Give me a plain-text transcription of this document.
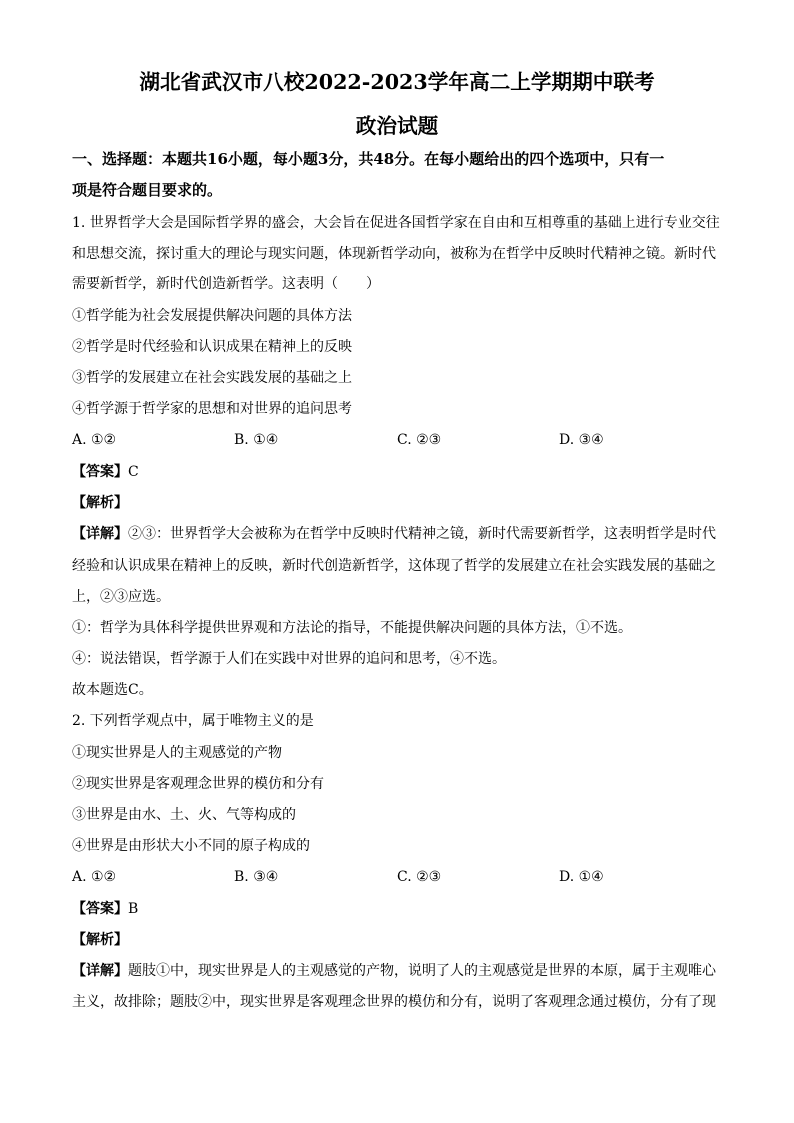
湖北省武汉市八校2022-2023学年高二上学期期中联考
政治试题
一、选择题：本题共16小题，每小题3分，共48分。在每小题给出的四个选项中，只有一
项是符合题目要求的。
1. 世界哲学大会是国际哲学界的盛会，大会旨在促进各国哲学家在自由和互相尊重的基础上进行专业交往
和思想交流，探讨重大的理论与现实问题，体现新哲学动向，被称为在哲学中反映时代精神之镜。新时代
需要新哲学，新时代创造新哲学。这表明（　　）
①哲学能为社会发展提供解决问题的具体方法
②哲学是时代经验和认识成果在精神上的反映
③哲学的发展建立在社会实践发展的基础之上
④哲学源于哲学家的思想和对世界的追问思考
A. ①②	B. ①④	C. ②③	D. ③④
【答案】C
【解析】
【详解】②③：世界哲学大会被称为在哲学中反映时代精神之镜，新时代需要新哲学，这表明哲学是时代
经验和认识成果在精神上的反映，新时代创造新哲学，这体现了哲学的发展建立在社会实践发展的基础之
上，②③应选。
①：哲学为具体科学提供世界观和方法论的指导，不能提供解决问题的具体方法，①不选。
④：说法错误，哲学源于人们在实践中对世界的追问和思考，④不选。
故本题选C。
2. 下列哲学观点中，属于唯物主义的是
①现实世界是人的主观感觉的产物
②现实世界是客观理念世界的模仿和分有
③世界是由水、土、火、气等构成的
④世界是由形状大小不同的原子构成的
A. ①②	B. ③④	C. ②③	D. ①④
【答案】B
【解析】
【详解】题肢①中，现实世界是人的主观感觉的产物，说明了人的主观感觉是世界的本原，属于主观唯心
主义，故排除；题肢②中，现实世界是客观理念世界的模仿和分有，说明了客观理念通过模仿，分有了现
